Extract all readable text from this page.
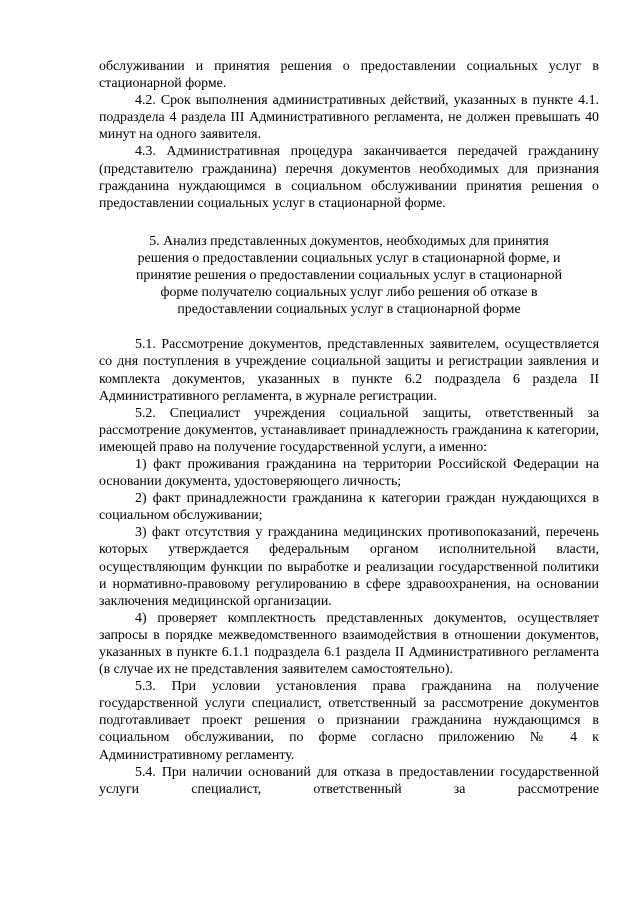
обслуживании и принятия решения о предоставлении социальных услуг в стационарной форме.

4.2. Срок выполнения административных действий, указанных в пункте 4.1. подраздела 4 раздела III Административного регламента, не должен превышать 40 минут на одного заявителя.

4.3. Административная процедура заканчивается передачей гражданину (представителю гражданина) перечня документов необходимых для признания гражданина нуждающимся в социальном обслуживании принятия решения о предоставлении социальных услуг в стационарной форме.

5. Анализ представленных документов, необходимых для принятия решения о предоставлении социальных услуг в стационарной форме, и принятие решения о предоставлении социальных услуг в стационарной форме получателю социальных услуг либо решения об отказе в предоставлении социальных услуг в стационарной форме

5.1. Рассмотрение документов, представленных заявителем, осуществляется со дня поступления в учреждение социальной защиты и регистрации заявления и комплекта документов, указанных в пункте 6.2 подраздела 6 раздела II Административного регламента, в журнале регистрации.

5.2. Специалист учреждения социальной защиты, ответственный за рассмотрение документов, устанавливает принадлежность гражданина к категории, имеющей право на получение государственной услуги, а именно:

1) факт проживания гражданина на территории Российской Федерации на основании документа, удостоверяющего личность;

2) факт принадлежности гражданина к категории граждан нуждающихся в социальном обслуживании;

3) факт отсутствия у гражданина медицинских противопоказаний, перечень которых утверждается федеральным органом исполнительной власти, осуществляющим функции по выработке и реализации государственной политики и нормативно-правовому регулированию в сфере здравоохранения, на основании заключения медицинской организации.

4) проверяет комплектность представленных документов, осуществляет запросы в порядке межведомственного взаимодействия в отношении документов, указанных в пункте 6.1.1 подраздела 6.1 раздела II Административного регламента (в случае их не представления заявителем самостоятельно).

5.3. При условии установления права гражданина на получение государственной услуги специалист, ответственный за рассмотрение документов подготавливает проект решения о признании гражданина нуждающимся в социальном обслуживании, по форме согласно приложению № 4 к Административному регламенту.

5.4. При наличии оснований для отказа в предоставлении государственной услуги специалист, ответственный за рассмотрение
